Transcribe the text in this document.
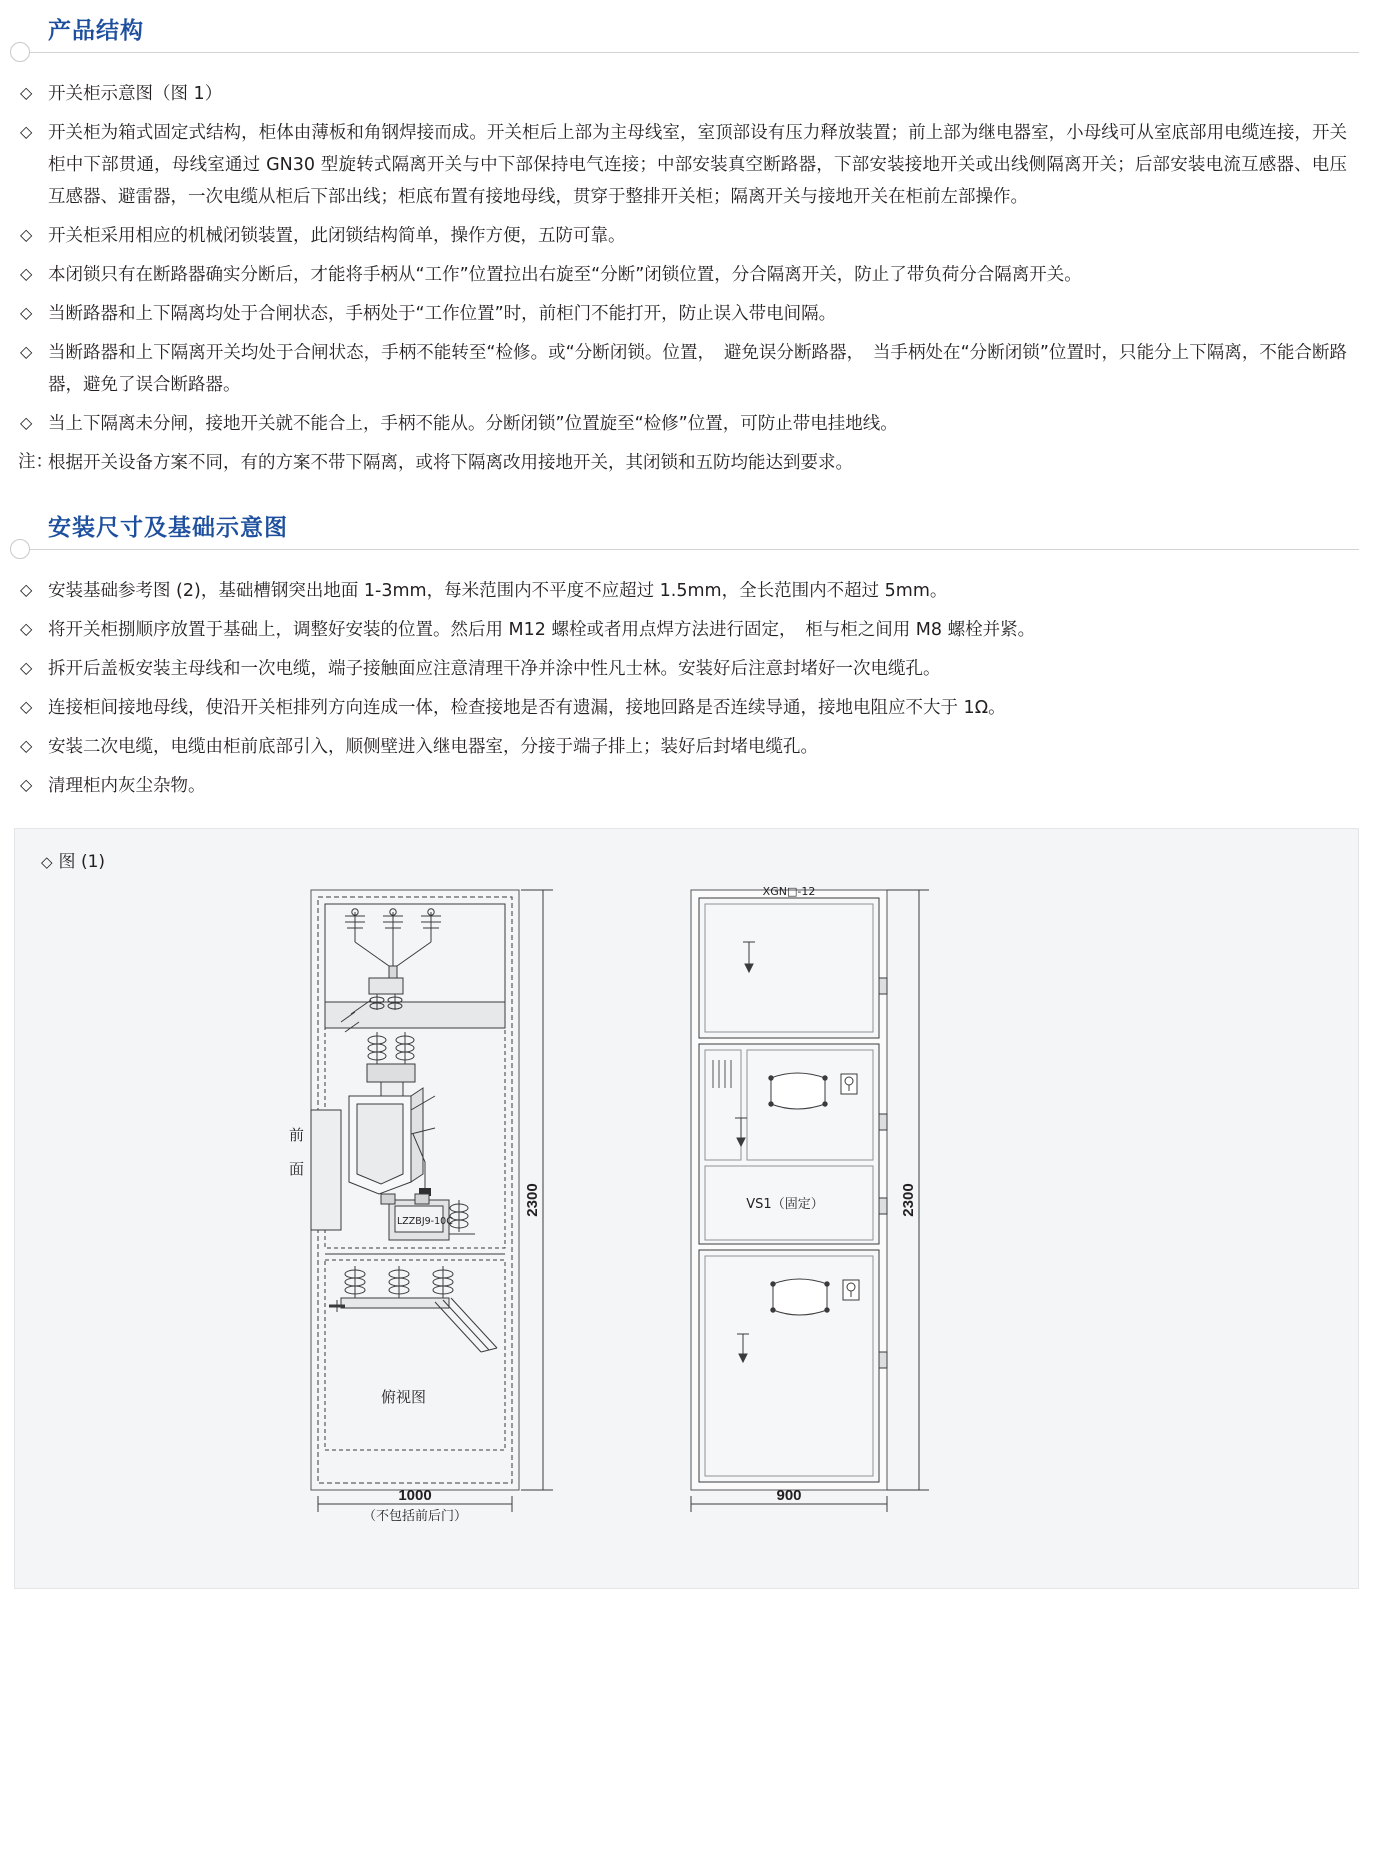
产品结构
◇ 开关柜示意图（图 1）
◇ 开关柜为箱式固定式结构，柜体由薄板和角钢焊接而成。开关柜后上部为主母线室，室顶部设有压力释放装置；前上部为继电器室，小母线可从室底部用电缆连接，开关柜中下部贯通，母线室通过 GN30 型旋转式隔离开关与中下部保持电气连接；中部安装真空断路器，下部安装接地开关或出线侧隔离开关；后部安装电流互感器、电压互感器、避雷器，一次电缆从柜后下部出线；柜底布置有接地母线，贯穿于整排开关柜；隔离开关与接地开关在柜前左部操作。
◇ 开关柜采用相应的机械闭锁装置，此闭锁结构简单，操作方便，五防可靠。
◇ 本闭锁只有在断路器确实分断后，才能将手柄从“工作”位置拉出右旋至“分断”闭锁位置，分合隔离开关，防止了带负荷分合隔离开关。
◇ 当断路器和上下隔离均处于合闸状态，手柄处于“工作位置”时，前柜门不能打开，防止误入带电间隔。
◇ 当断路器和上下隔离开关均处于合闸状态，手柄不能转至“检修。或“分断闭锁。位置，　避免误分断路器，　当手柄处在“分断闭锁”位置时，只能分上下隔离，不能合断路器，避免了误合断路器。
◇ 当上下隔离未分闸，接地开关就不能合上，手柄不能从。分断闭锁”位置旋至“检修”位置，可防止带电挂地线。
注：
根据开关设备方案不同，有的方案不带下隔离，或将下隔离改用接地开关，其闭锁和五防均能达到要求。
安装尺寸及基础示意图
◇ 安装基础参考图 (2)，基础槽钢突出地面 1-3mm，每米范围内不平度不应超过 1.5mm，全长范围内不超过 5mm。
◇ 将开关柜捌顺序放置于基础上，调整好安装的位置。然后用 M12 螺栓或者用点焊方法进行固定，　柜与柜之间用 M8 螺栓并紧。
◇ 拆开后盖板安装主母线和一次电缆，端子接触面应注意清理干净并涂中性凡士林。安装好后注意封堵好一次电缆孔。
◇ 连接柜间接地母线，使沿开关柜排列方向连成一体，检查接地是否有遗漏，接地回路是否连续导通，接地电阻应不大于 1Ω。
◇ 安装二次电缆，电缆由柜前底部引入，顺侧壁进入继电器室，分接于端子排上；装好后封堵电缆孔。
◇ 清理柜内灰尘杂物。
◇ 图 (1)
前
面
LZZBJ9-10C
俯视图
2300
1000
（不包括前后门）
XGN□-12
VS1（固定）	2300
900
